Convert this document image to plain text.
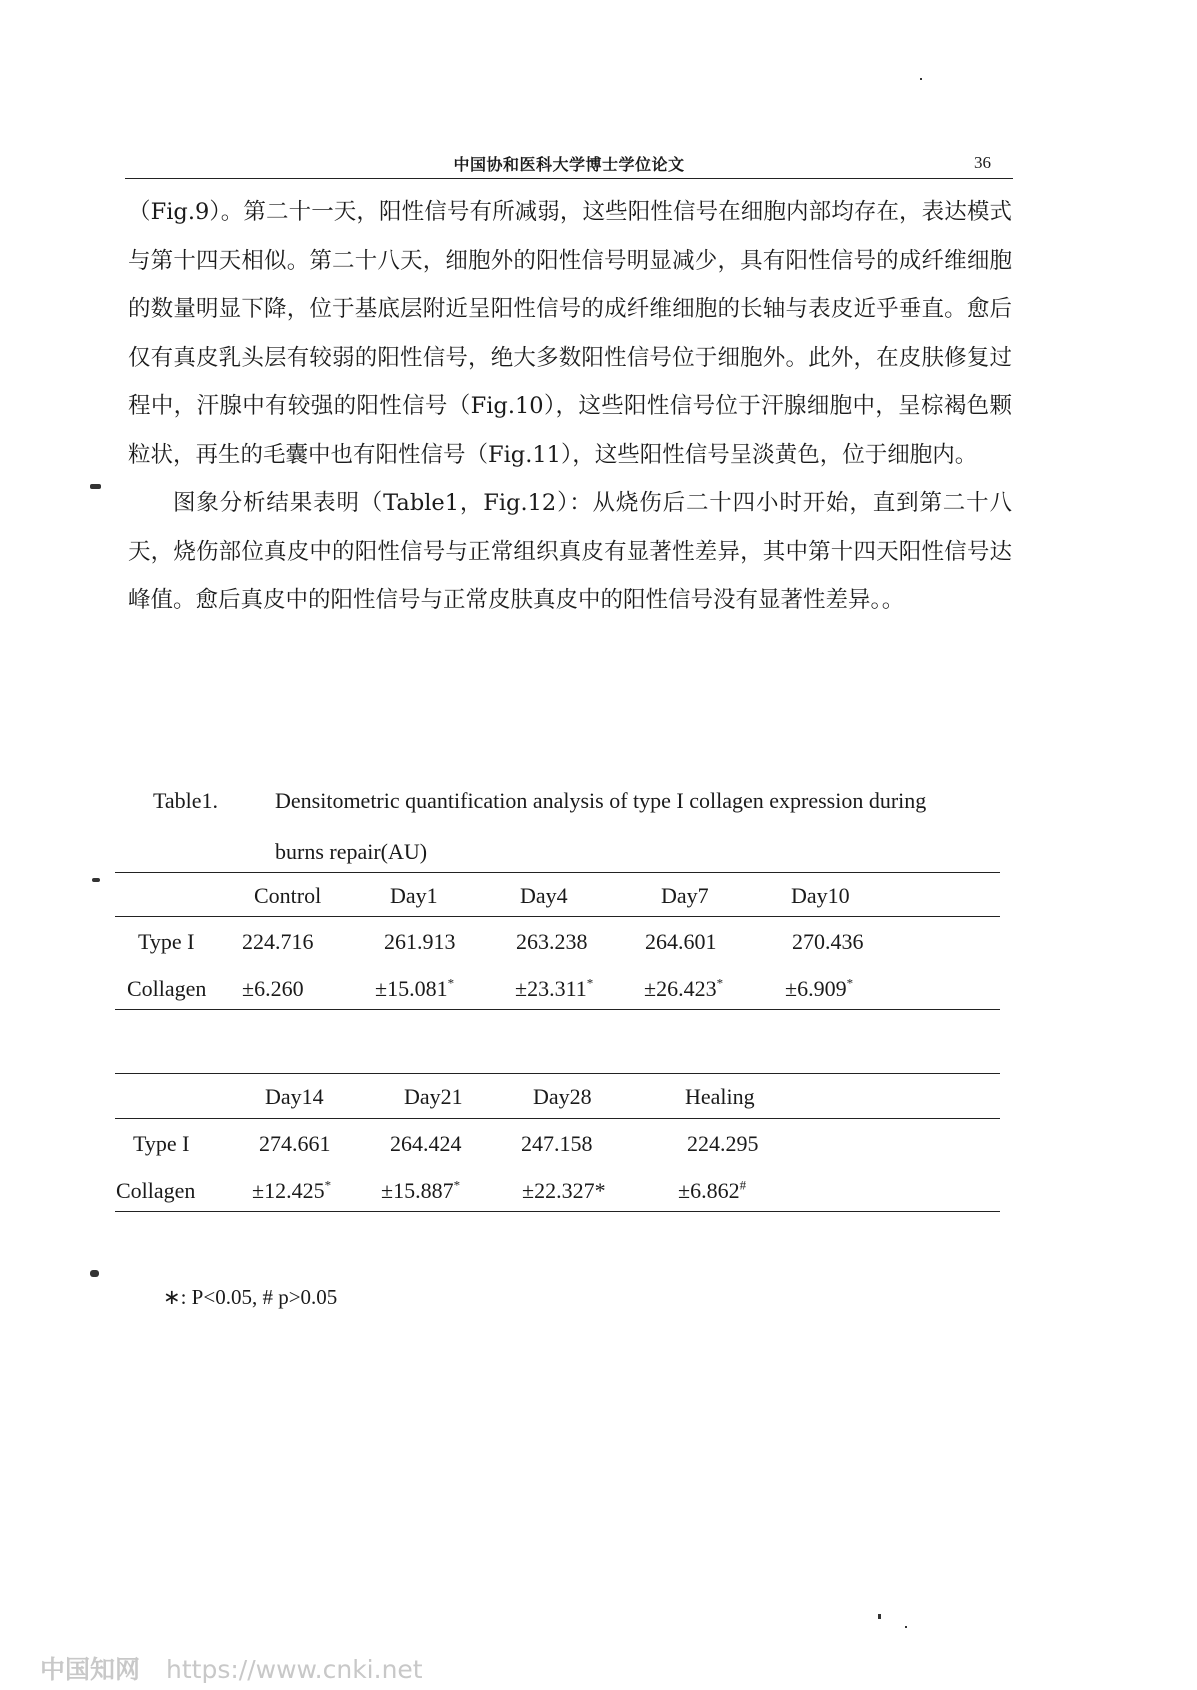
中国协和医科大学博士学位论文	36

（Fig.9）。第二十一天，阳性信号有所减弱，这些阳性信号在细胞内部均存在，表达模式与第十四天相似。第二十八天，细胞外的阳性信号明显减少，具有阳性信号的成纤维细胞的数量明显下降，位于基底层附近呈阳性信号的成纤维细胞的长轴与表皮近乎垂直。愈后仅有真皮乳头层有较弱的阳性信号，绝大多数阳性信号位于细胞外。此外，在皮肤修复过程中，汗腺中有较强的阳性信号（Fig.10），这些阳性信号位于汗腺细胞中，呈棕褐色颗粒状，再生的毛囊中也有阳性信号（Fig.11），这些阳性信号呈淡黄色，位于细胞内。

图象分析结果表明（Table1，Fig.12）：从烧伤后二十四小时开始，直到第二十八天，烧伤部位真皮中的阳性信号与正常组织真皮有显著性差异，其中第十四天阳性信号达峰值。愈后真皮中的阳性信号与正常皮肤真皮中的阳性信号没有显著性差异。。

Table1.	Densitometric quantification analysis of type I collagen expression during burns repair(AU)
Control	Day1	Day4	Day7	Day10
Type I 224.716	261.913	263.238	264.601	270.436
Collagen ±6.260	±15.081*	±23.311* ±26.423*	±6.909*
Day14	Day21	Day28	Healing
Type I	274.661	264.424	247.158	224.295
Collagen	±12.425* ±15.887*	±22.327*	±6.862#
∗: P<0.05, # p>0.05
中国知网 https://www.cnki.net
